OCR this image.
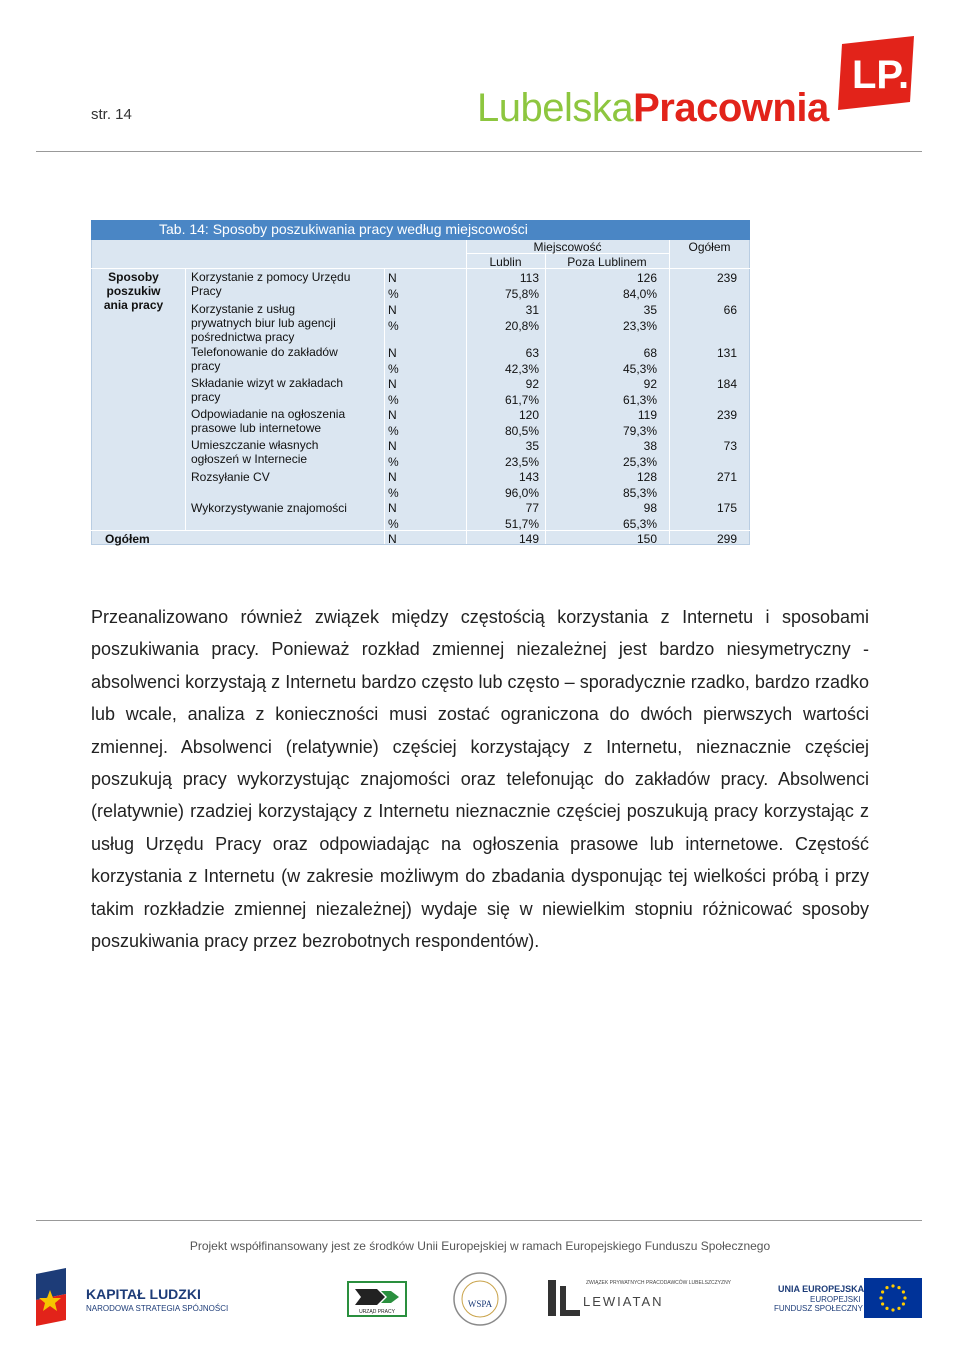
str. 14	LubelskaPracownia
LP.
Tab. 14: Sposoby poszukiwania pracy według miejscowości
Miejscowość	Ogółem
Lublin	Poza Lublinem
Sposoby poszukiw ania pracy
Korzystanie z pomocy Urzędu Pracy
N	113	126	239
%	75,8%	84,0%
Korzystanie z usług prywatnych biur lub agencji pośrednictwa pracy
N	31	35	66
%	20,8%	23,3%
Telefonowanie do zakładów pracy
N	63	68	131
%	42,3%	45,3%
Składanie wizyt w zakładach pracy
N	92	92	184
%	61,7%	61,3%
Odpowiadanie na ogłoszenia prasowe lub internetowe
N	120	119	239
%	80,5%	79,3%
Umieszczanie własnych ogłoszeń w Internecie
N	35	38	73
%	23,5%	25,3%
Rozsyłanie CV	N	143	128	271
%	96,0%	85,3%
Wykorzystywanie znajomości	N	77	98	175
%	51,7%	65,3%
Ogółem	N	149	150	299
Przeanalizowano również związek między częstością korzystania z Internetu i sposobami poszukiwania pracy. Ponieważ rozkład zmiennej niezależnej jest bardzo niesymetryczny - absolwenci korzystają z Internetu bardzo często lub często – sporadycznie rzadko, bardzo rzadko lub wcale, analiza z konieczności musi zostać ograniczona do dwóch pierwszych wartości zmiennej. Absolwenci (relatywnie) częściej korzystający z Internetu, nieznacznie częściej poszukują pracy wykorzystując znajomości oraz telefonując do zakładów pracy. Absolwenci (relatywnie) rzadziej korzystający z Internetu nieznacznie częściej poszukują pracy korzystając z usług Urzędu Pracy oraz odpowiadając na ogłoszenia prasowe lub internetowe. Częstość korzystania z Internetu (w zakresie możliwym do zbadania dysponując tej wielkości próbą i przy takim rozkładzie zmiennej niezależnej) wydaje się w niewielkim stopniu różnicować sposoby poszukiwania pracy przez bezrobotnych respondentów).
Projekt współfinansowany jest ze środków Unii Europejskiej w ramach Europejskiego Funduszu Społecznego
KAPITAŁ LUDZKI
NARODOWA STRATEGIA SPÓJNOŚCI	URZĄD PRACY
WSPA
ZWIĄZEK PRYWATNYCH PRACODAWCÓW LUBELSZCZYZNY
LEWIATAN
UNIA EUROPEJSKA
EUROPEJSKI
FUNDUSZ SPOŁECZNY
